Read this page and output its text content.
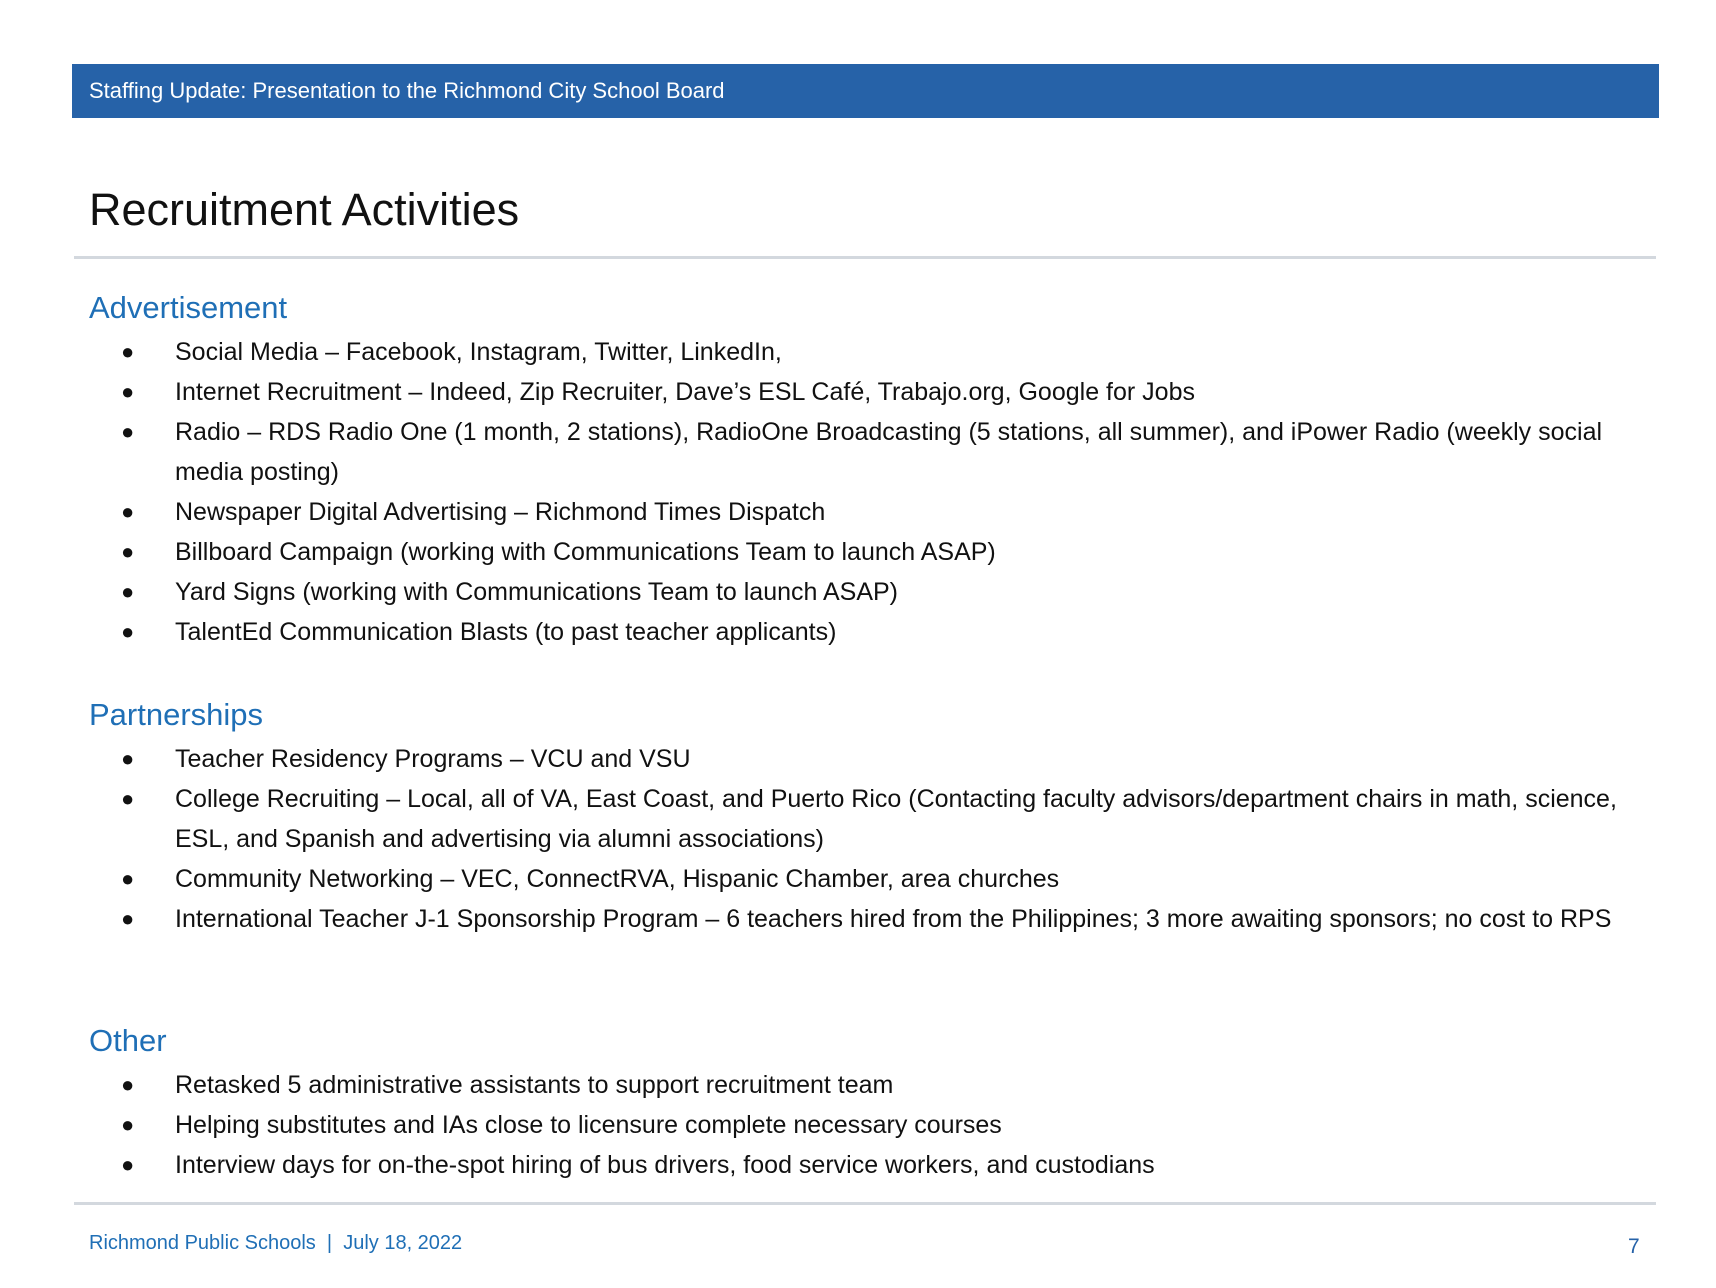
Staffing Update: Presentation to the Richmond City School Board
Recruitment Activities
Advertisement
● Social Media – Facebook, Instagram, Twitter, LinkedIn,
● Internet Recruitment – Indeed, Zip Recruiter, Dave’s ESL Café, Trabajo.org, Google for Jobs
● Radio – RDS Radio One (1 month, 2 stations), RadioOne Broadcasting (5 stations, all summer), and iPower Radio (weekly social media posting)
● Newspaper Digital Advertising – Richmond Times Dispatch
● Billboard Campaign (working with Communications Team to launch ASAP)
● Yard Signs (working with Communications Team to launch ASAP)
● TalentEd Communication Blasts (to past teacher applicants)
Partnerships
● Teacher Residency Programs – VCU and VSU
● College Recruiting – Local, all of VA, East Coast, and Puerto Rico (Contacting faculty advisors/department chairs in math, science, ESL, and Spanish and advertising via alumni associations)
● Community Networking – VEC, ConnectRVA, Hispanic Chamber, area churches
● International Teacher J-1 Sponsorship Program – 6 teachers hired from the Philippines; 3 more awaiting sponsors; no cost to RPS
Other
● Retasked 5 administrative assistants to support recruitment team
● Helping substitutes and IAs close to licensure complete necessary courses
● Interview days for on-the-spot hiring of bus drivers, food service workers, and custodians
Richmond Public Schools  |  July 18, 2022	7
